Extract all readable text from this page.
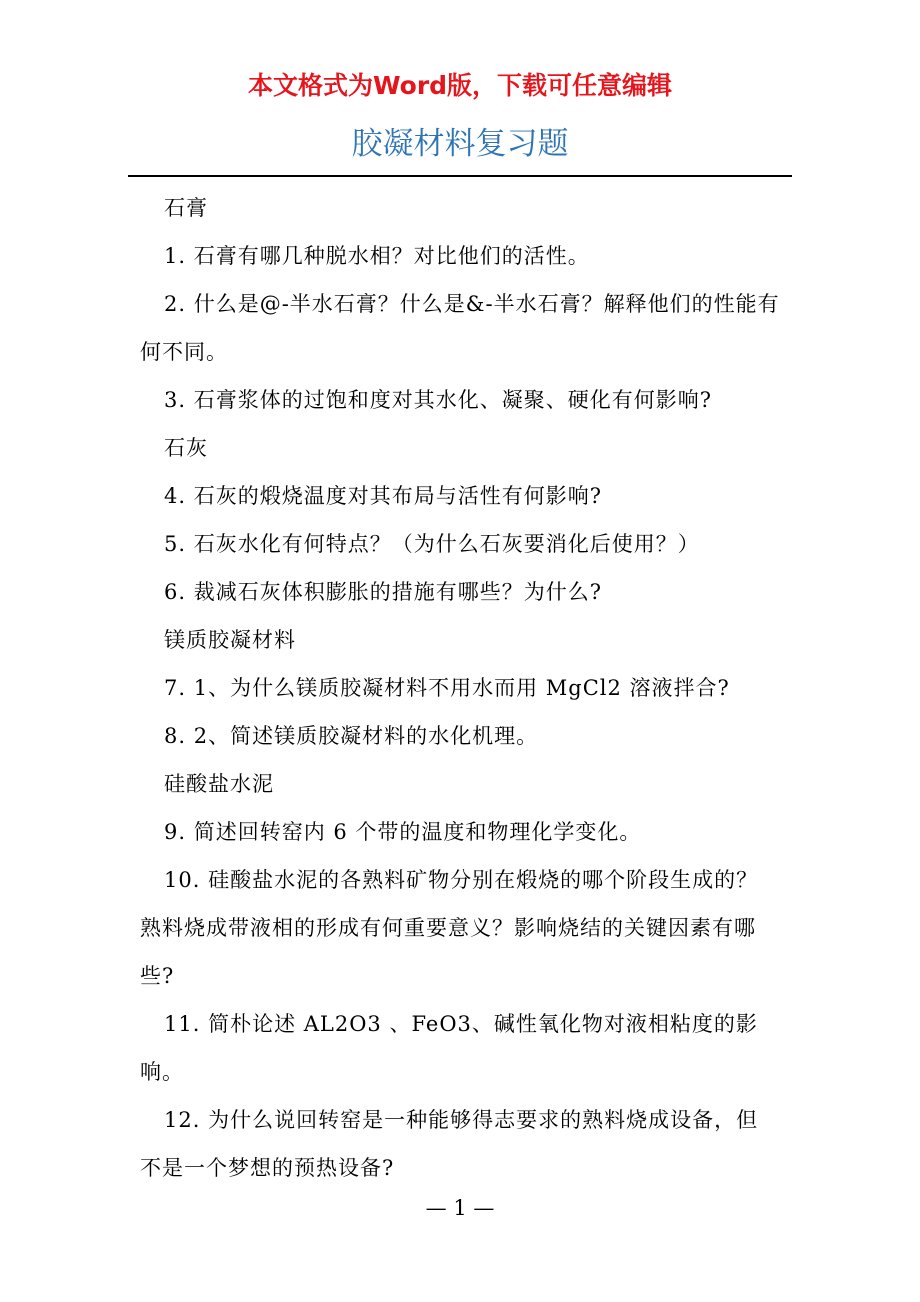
本文格式为Word版，下载可任意编辑
胶凝材料复习题

石膏

1. 石膏有哪几种脱水相？对比他们的活性。

2. 什么是@-半水石膏？什么是&-半水石膏？解释他们的性能有何不同。

3. 石膏浆体的过饱和度对其水化、凝聚、硬化有何影响?

石灰

4. 石灰的煅烧温度对其布局与活性有何影响?

5. 石灰水化有何特点？（为什么石灰要消化后使用？）

6. 裁减石灰体积膨胀的措施有哪些？为什么?

镁质胶凝材料

7. 1、为什么镁质胶凝材料不用水而用 MgCl2 溶液拌合?

8. 2、简述镁质胶凝材料的水化机理。

硅酸盐水泥

9. 简述回转窑内 6 个带的温度和物理化学变化。

10. 硅酸盐水泥的各熟料矿物分别在煅烧的哪个阶段生成的？熟料烧成带液相的形成有何重要意义？影响烧结的关键因素有哪些?

11. 简朴论述 AL2O3 、FeO3、碱性氧化物对液相粘度的影响。

12. 为什么说回转窑是一种能够得志要求的熟料烧成设备，但不是一个梦想的预热设备?

— 1 —
